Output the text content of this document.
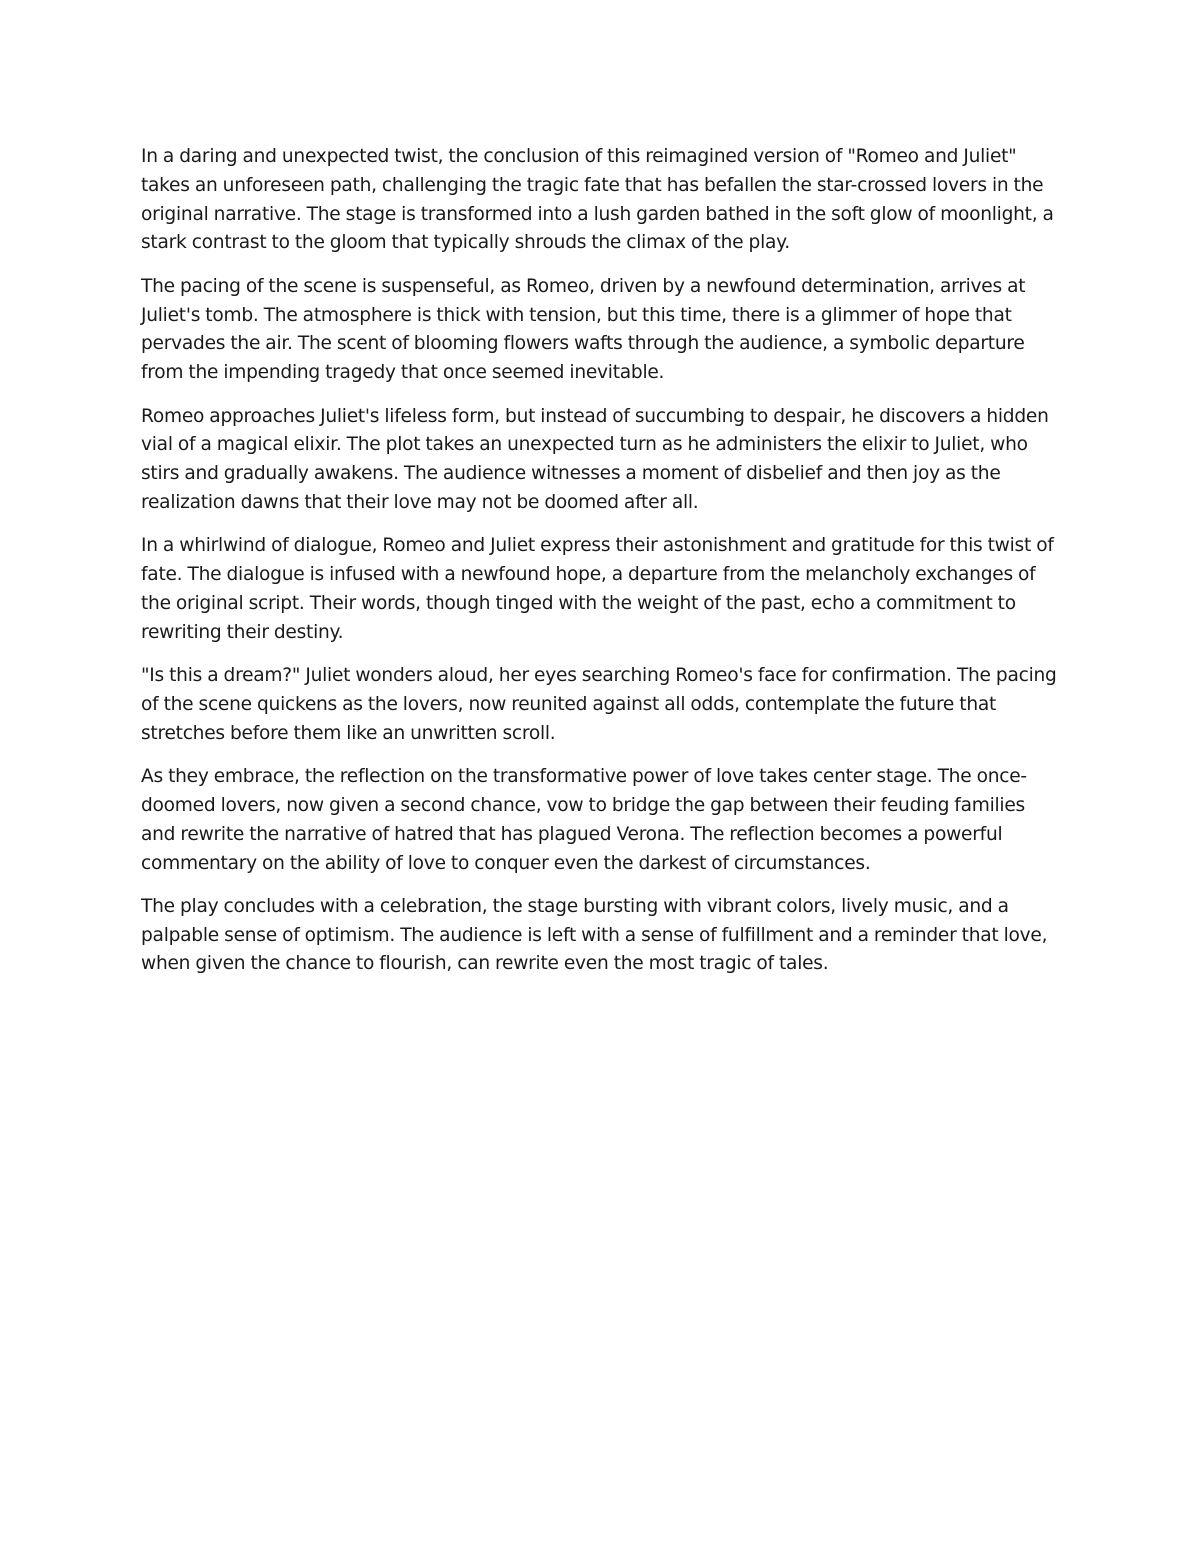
In a daring and unexpected twist, the conclusion of this reimagined version of "Romeo and Juliet" takes an unforeseen path, challenging the tragic fate that has befallen the star-crossed lovers in the original narrative. The stage is transformed into a lush garden bathed in the soft glow of moonlight, a stark contrast to the gloom that typically shrouds the climax of the play.

The pacing of the scene is suspenseful, as Romeo, driven by a newfound determination, arrives at Juliet's tomb. The atmosphere is thick with tension, but this time, there is a glimmer of hope that pervades the air. The scent of blooming flowers wafts through the audience, a symbolic departure from the impending tragedy that once seemed inevitable.

Romeo approaches Juliet's lifeless form, but instead of succumbing to despair, he discovers a hidden vial of a magical elixir. The plot takes an unexpected turn as he administers the elixir to Juliet, who stirs and gradually awakens. The audience witnesses a moment of disbelief and then joy as the realization dawns that their love may not be doomed after all.

In a whirlwind of dialogue, Romeo and Juliet express their astonishment and gratitude for this twist of fate. The dialogue is infused with a newfound hope, a departure from the melancholy exchanges of the original script. Their words, though tinged with the weight of the past, echo a commitment to rewriting their destiny.

"Is this a dream?" Juliet wonders aloud, her eyes searching Romeo's face for confirmation. The pacing of the scene quickens as the lovers, now reunited against all odds, contemplate the future that stretches before them like an unwritten scroll.

As they embrace, the reflection on the transformative power of love takes center stage. The once-doomed lovers, now given a second chance, vow to bridge the gap between their feuding families and rewrite the narrative of hatred that has plagued Verona. The reflection becomes a powerful commentary on the ability of love to conquer even the darkest of circumstances.

The play concludes with a celebration, the stage bursting with vibrant colors, lively music, and a palpable sense of optimism. The audience is left with a sense of fulfillment and a reminder that love, when given the chance to flourish, can rewrite even the most tragic of tales.
